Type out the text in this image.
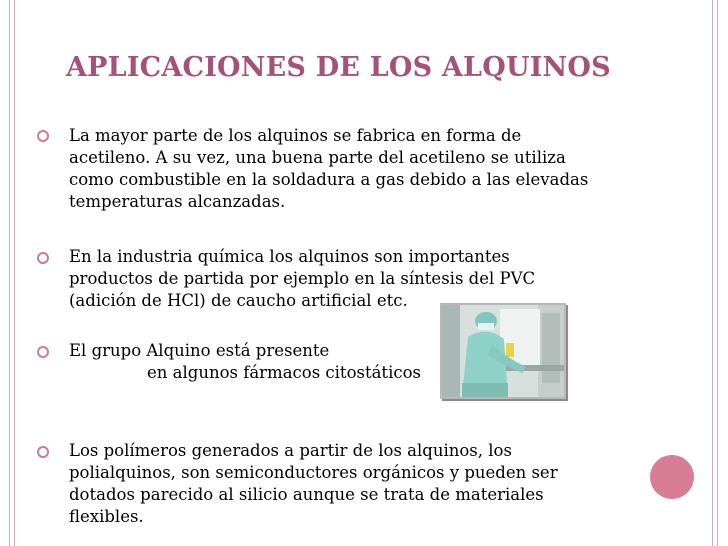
APLICACIONES DE LOS ALQUINOS

La mayor parte de los alquinos se fabrica en forma de
acetileno. A su vez, una buena parte del acetileno se utiliza
como combustible en la soldadura a gas debido a las elevadas
temperaturas alcanzadas.

En la industria química los alquinos son importantes
productos de partida por ejemplo en la síntesis del PVC
(adición de HCl) de caucho artificial etc.

El grupo Alquino está presente
en algunos fármacos citostáticos

Los polímeros generados a partir de los alquinos, los
polialquinos, son semiconductores orgánicos y pueden ser
dotados parecido al silicio aunque se trata de materiales
flexibles.
